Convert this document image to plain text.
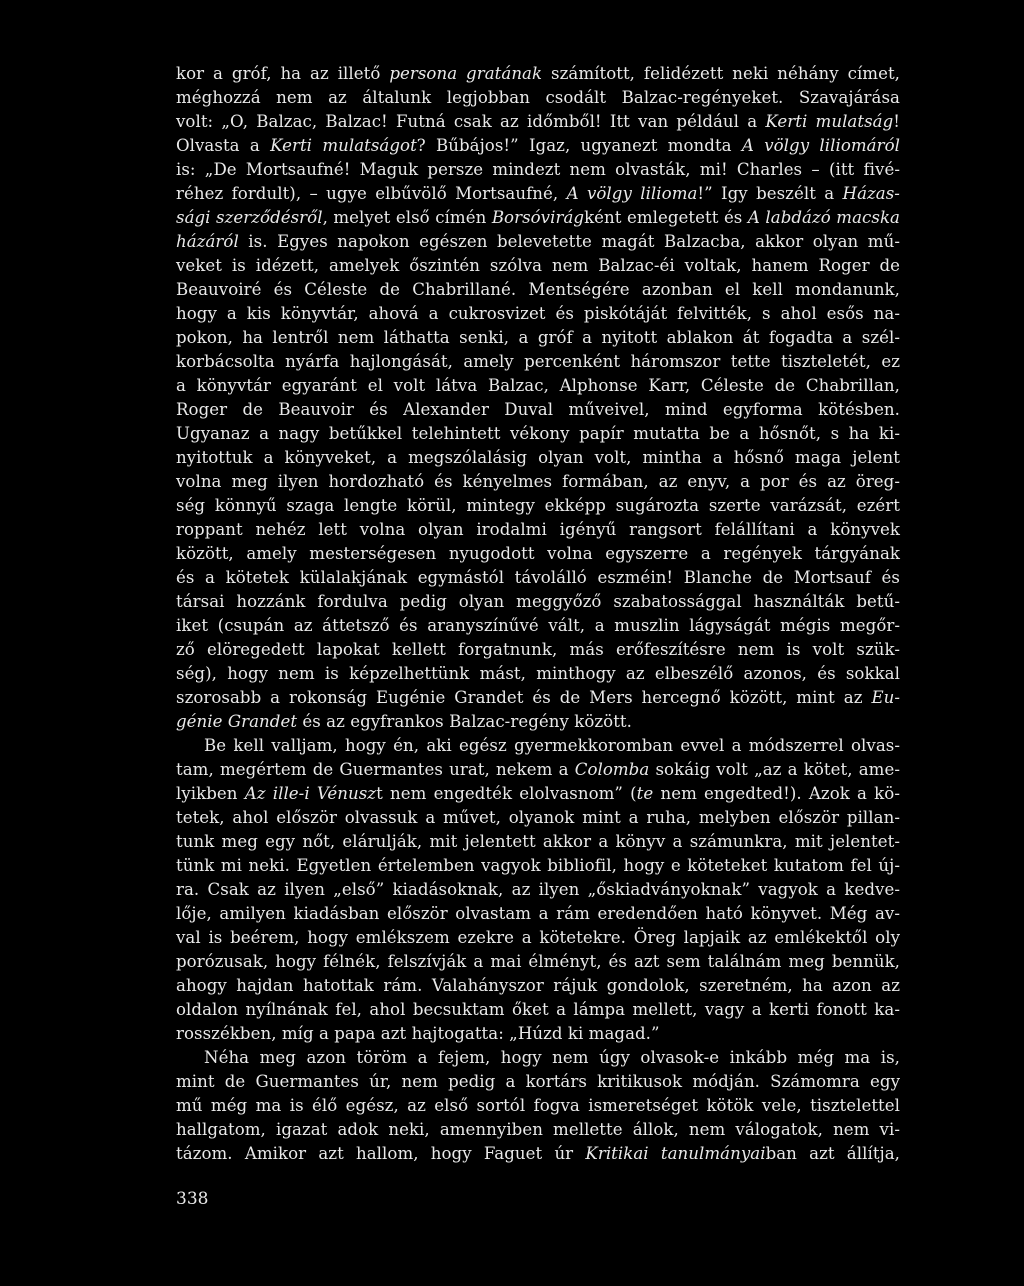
kor a gróf, ha az illető persona gratának számított, felidézett neki néhány címet,
méghozzá nem az általunk legjobban csodált Balzac-regényeket. Szavajárása
volt: „O, Balzac, Balzac! Futná csak az időmből! Itt van például a Kerti mulatság!
Olvasta a Kerti mulatságot? Bűbájos!” Igaz, ugyanezt mondta A völgy liliomáról
is: „De Mortsaufné! Maguk persze mindezt nem olvasták, mi! Charles – (itt fivé-
réhez fordult), – ugye elbűvölő Mortsaufné, A völgy lilioma!” Igy beszélt a Házas-
sági szerződésről, melyet első címén Borsóvirágként emlegetett és A labdázó macska
házáról is. Egyes napokon egészen belevetette magát Balzacba, akkor olyan mű-
veket is idézett, amelyek őszintén szólva nem Balzac-éi voltak, hanem Roger de
Beauvoiré és Céleste de Chabrillané. Mentségére azonban el kell mondanunk,
hogy a kis könyvtár, ahová a cukrosvizet és piskótáját felvitték, s ahol esős na-
pokon, ha lentről nem láthatta senki, a gróf a nyitott ablakon át fogadta a szél-
korbácsolta nyárfa hajlongását, amely percenként háromszor tette tiszteletét, ez
a könyvtár egyaránt el volt látva Balzac, Alphonse Karr, Céleste de Chabrillan,
Roger de Beauvoir és Alexander Duval műveivel, mind egyforma kötésben.
Ugyanaz a nagy betűkkel telehintett vékony papír mutatta be a hősnőt, s ha ki-
nyitottuk a könyveket, a megszólalásig olyan volt, mintha a hősnő maga jelent
volna meg ilyen hordozható és kényelmes formában, az enyv, a por és az öreg-
ség könnyű szaga lengte körül, mintegy ekképp sugározta szerte varázsát, ezért
roppant nehéz lett volna olyan irodalmi igényű rangsort felállítani a könyvek
között, amely mesterségesen nyugodott volna egyszerre a regények tárgyának
és a kötetek külalakjának egymástól távolálló eszméin! Blanche de Mortsauf és
társai hozzánk fordulva pedig olyan meggyőző szabatossággal használták betű-
iket (csupán az áttetsző és aranyszínűvé vált, a muszlin lágyságát mégis megőr-
ző elöregedett lapokat kellett forgatnunk, más erőfeszítésre nem is volt szük-
ség), hogy nem is képzelhettünk mást, minthogy az elbeszélő azonos, és sokkal
szorosabb a rokonság Eugénie Grandet és de Mers hercegnő között, mint az Eu-
génie Grandet és az egyfrankos Balzac-regény között.
Be kell valljam, hogy én, aki egész gyermekkoromban evvel a módszerrel olvas-
tam, megértem de Guermantes urat, nekem a Colomba sokáig volt „az a kötet, ame-
lyikben Az ille-i Vénuszt nem engedték elolvasnom” (te nem engedted!). Azok a kö-
tetek, ahol először olvassuk a művet, olyanok mint a ruha, melyben először pillan-
tunk meg egy nőt, elárulják, mit jelentett akkor a könyv a számunkra, mit jelentet-
tünk mi neki. Egyetlen értelemben vagyok bibliofil, hogy e köteteket kutatom fel új-
ra. Csak az ilyen „első” kiadásoknak, az ilyen „őskiadványoknak” vagyok a kedve-
lője, amilyen kiadásban először olvastam a rám eredendően ható könyvet. Még av-
val is beérem, hogy emlékszem ezekre a kötetekre. Öreg lapjaik az emlékektől oly
porózusak, hogy félnék, felszívják a mai élményt, és azt sem találnám meg bennük,
ahogy hajdan hatottak rám. Valahányszor rájuk gondolok, szeretném, ha azon az
oldalon nyílnának fel, ahol becsuktam őket a lámpa mellett, vagy a kerti fonott ka-
rosszékben, míg a papa azt hajtogatta: „Húzd ki magad.”
Néha meg azon töröm a fejem, hogy nem úgy olvasok-e inkább még ma is,
mint de Guermantes úr, nem pedig a kortárs kritikusok módján. Számomra egy
mű még ma is élő egész, az első sortól fogva ismeretséget kötök vele, tisztelettel
hallgatom, igazat adok neki, amennyiben mellette állok, nem válogatok, nem vi-
tázom. Amikor azt hallom, hogy Faguet úr Kritikai tanulmányaiban azt állítja,
338
